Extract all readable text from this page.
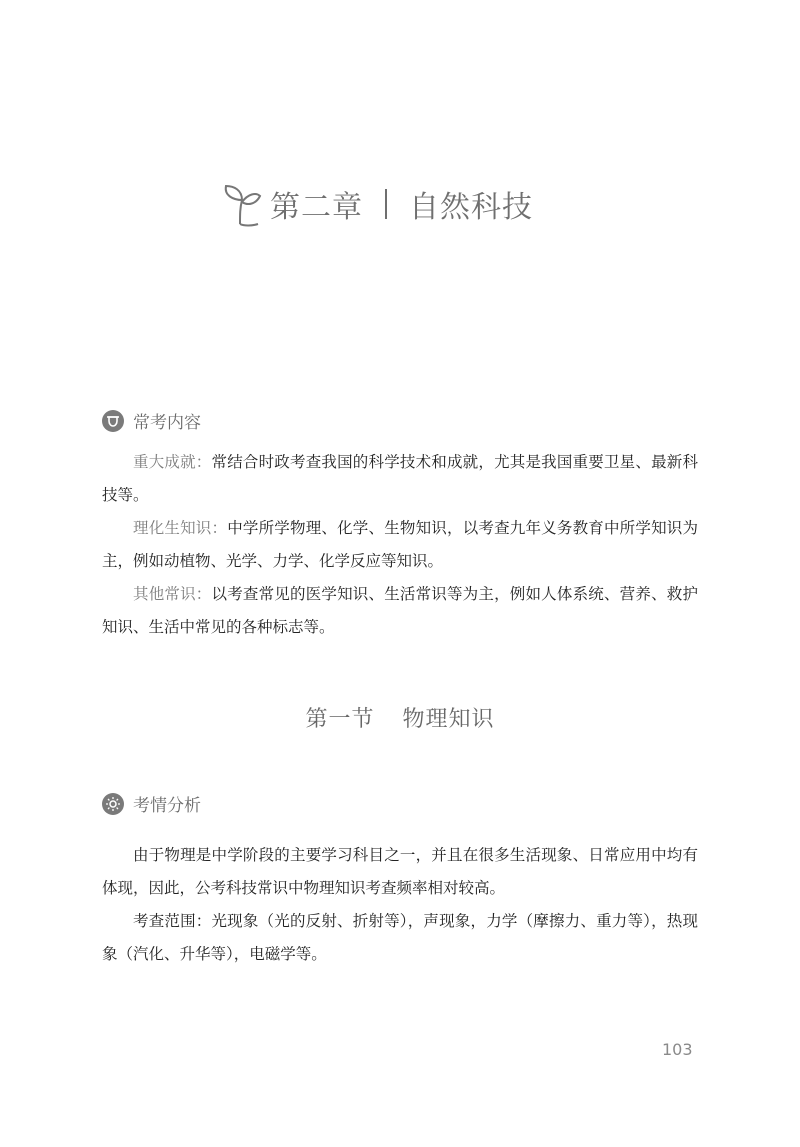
第二章 自然科技
常考内容

重大成就：常结合时政考查我国的科学技术和成就，尤其是我国重要卫星、最新科技等。

理化生知识：中学所学物理、化学、生物知识，以考查九年义务教育中所学知识为主，例如动植物、光学、力学、化学反应等知识。

其他常识：以考查常见的医学知识、生活常识等为主，例如人体系统、营养、救护知识、生活中常见的各种标志等。

第一节 物理知识
考情分析

由于物理是中学阶段的主要学习科目之一，并且在很多生活现象、日常应用中均有体现，因此，公考科技常识中物理知识考查频率相对较高。

考查范围：光现象（光的反射、折射等），声现象，力学（摩擦力、重力等），热现象（汽化、升华等），电磁学等。

103
